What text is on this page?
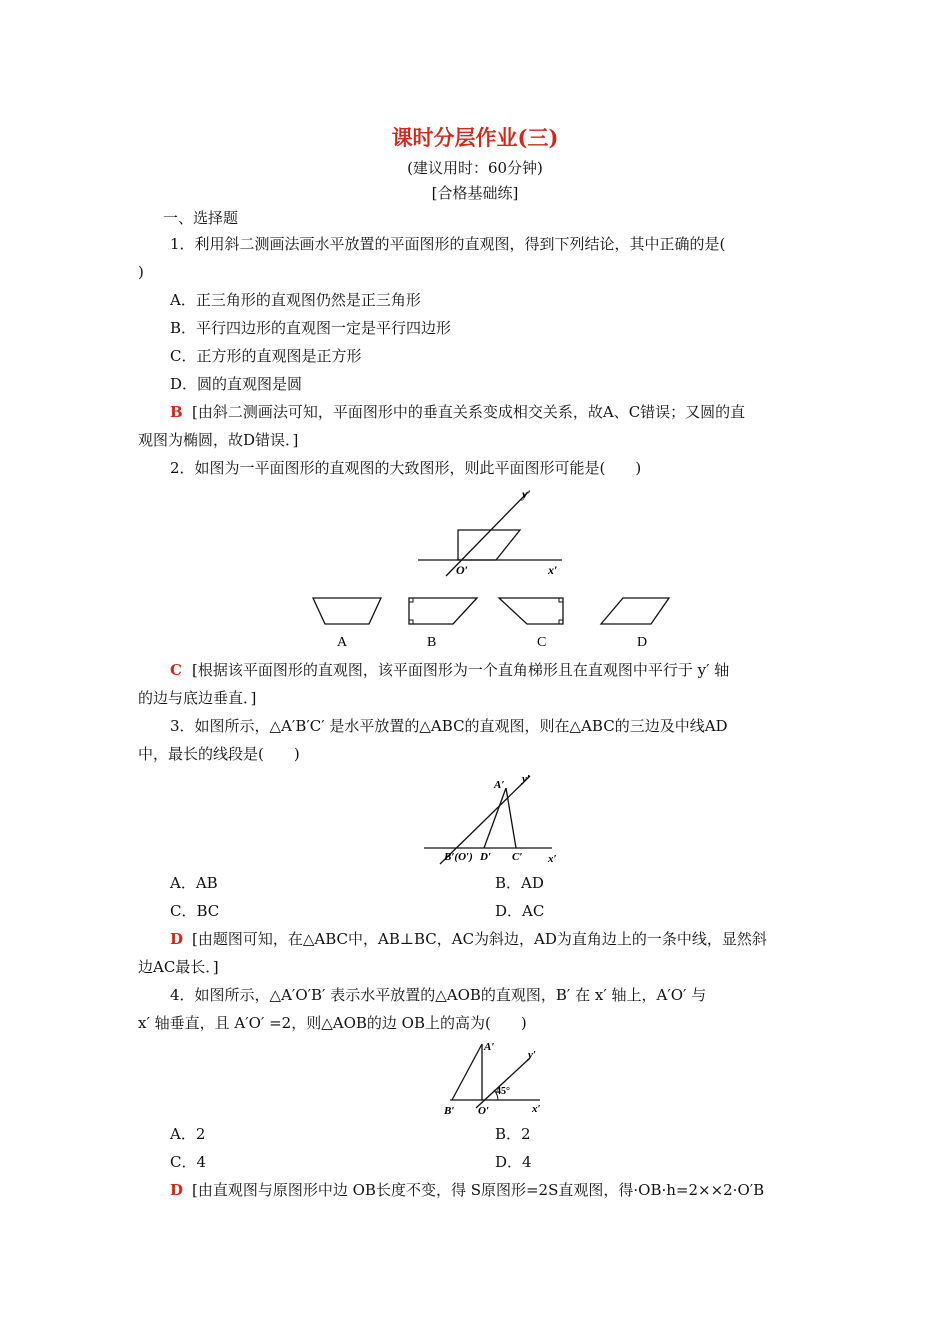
课时分层作业(三)
(建议用时：60分钟)
[合格基础练]
一、选择题
1．利用斜二测画法画水平放置的平面图形的直观图，得到下列结论，其中正确的是(
)
A．正三角形的直观图仍然是正三角形
B．平行四边形的直观图一定是平行四边形
C．正方形的直观图是正方形
D．圆的直观图是圆
B [由斜二测画法可知，平面图形中的垂直关系变成相交关系，故A、C错误；又圆的直
观图为椭圆，故D错误．]
2．如图为一平面图形的直观图的大致图形，则此平面图形可能是(　　)
y′
x′
O′
A	B	C	D
C [根据该平面图形的直观图，该平面图形为一个直角梯形且在直观图中平行于 y′ 轴
的边与底边垂直．]
3．如图所示，△A′B′C′ 是水平放置的△ABC的直观图，则在△ABC的三边及中线AD
中，最长的线段是(　　)
A′ y′
B′(O′) D′ C′ x′
A．AB	B．AD
C．BC	D．AC
D [由题图可知，在△ABC中，AB⊥BC，AC为斜边，AD为直角边上的一条中线，显然斜
边AC最长．]
4．如图所示，△A′O′B′ 表示水平放置的△AOB的直观图，B′ 在 x′ 轴上，A′O′ 与
x′ 轴垂直，且 A′O′ =2，则△AOB的边 OB上的高为(　　)
A′
y′
45°
B′ O′	x′
A．2	B．2
C．4	D．4
D [由直观图与原图形中边 OB长度不变，得 S原图形=2S直观图，得·OB·h=2××2·O′B
